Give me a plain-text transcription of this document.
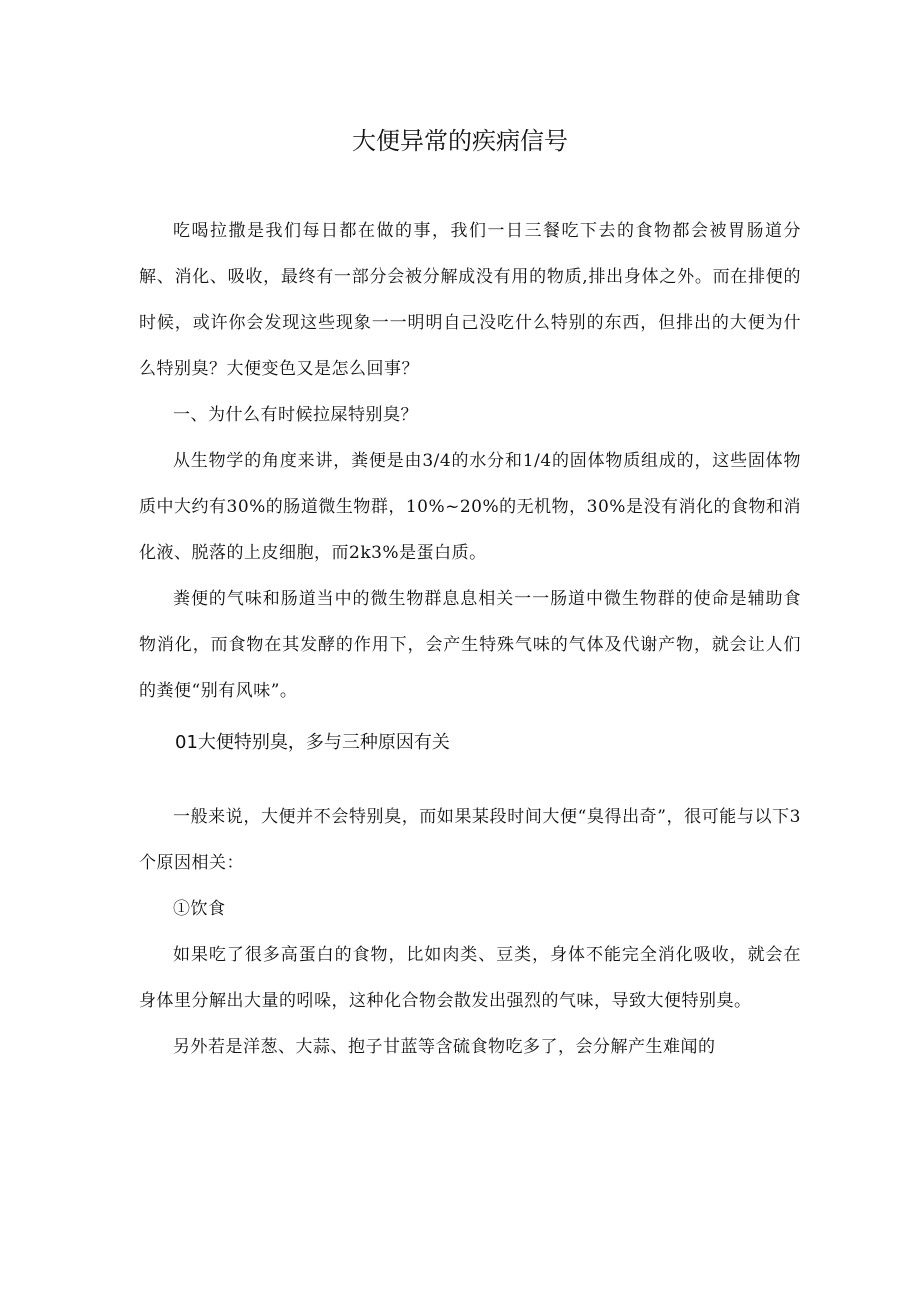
大便异常的疾病信号

吃喝拉撒是我们每日都在做的事，我们一日三餐吃下去的食物都会被胃肠道分解、消化、吸收，最终有一部分会被分解成没有用的物质,排出身体之外。而在排便的时候，或许你会发现这些现象一一明明自己没吃什么特别的东西，但排出的大便为什么特别臭？大便变色又是怎么回事？

一、为什么有时候拉屎特别臭？

从生物学的角度来讲，粪便是由3/4的水分和1/4的固体物质组成的，这些固体物质中大约有30%的肠道微生物群，10%~20%的无机物，30%是没有消化的食物和消化液、脱落的上皮细胞，而2k3%是蛋白质。

粪便的气味和肠道当中的微生物群息息相关一一肠道中微生物群的使命是辅助食物消化，而食物在其发酵的作用下，会产生特殊气味的气体及代谢产物，就会让人们的粪便“别有风味”。

01大便特别臭，多与三种原因有关

一般来说，大便并不会特别臭，而如果某段时间大便“臭得出奇”，很可能与以下3个原因相关：

①饮食

如果吃了很多高蛋白的食物，比如肉类、豆类，身体不能完全消化吸收，就会在身体里分解出大量的吲哚，这种化合物会散发出强烈的气味，导致大便特别臭。

另外若是洋葱、大蒜、抱子甘蓝等含硫食物吃多了，会分解产生难闻的
